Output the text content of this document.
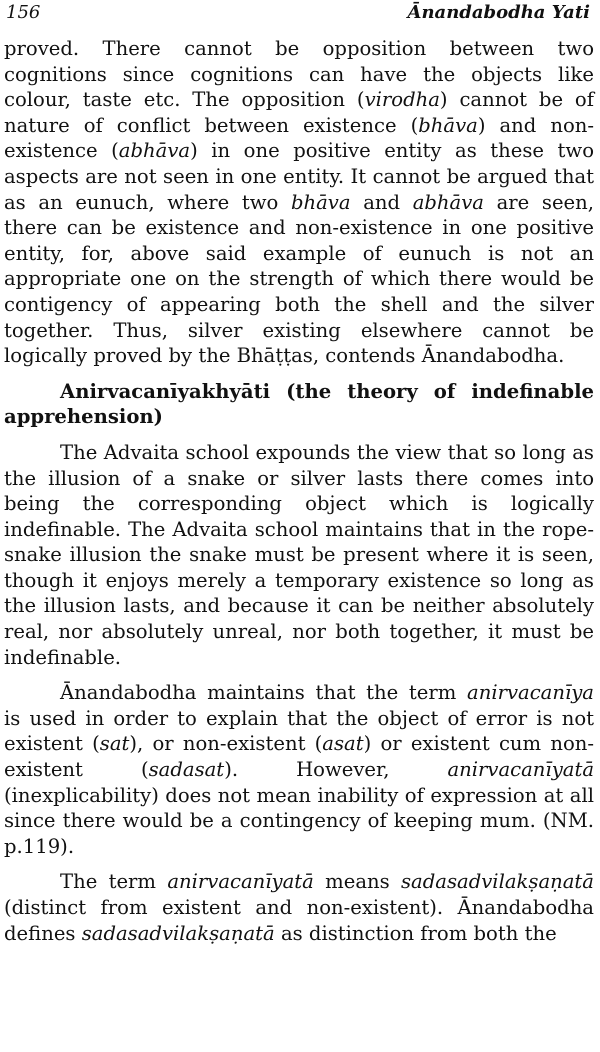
156	Ānandabodha Yati

proved. There cannot be opposition between two cognitions since cognitions can have the objects like colour, taste etc. The opposition (virodha) cannot be of nature of conflict between existence (bhāva) and non-existence (abhāva) in one positive entity as these two aspects are not seen in one entity. It cannot be argued that as an eunuch, where two bhāva and abhāva are seen, there can be existence and non-existence in one positive entity, for, above said example of eunuch is not an appropriate one on the strength of which there would be contigency of appearing both the shell and the silver together. Thus, silver existing elsewhere cannot be logically proved by the Bhāṭṭas, contends Ānandabodha.

Anirvacanīyakhyāti (the theory of indefinable apprehension)

The Advaita school expounds the view that so long as the illusion of a snake or silver lasts there comes into being the corresponding object which is logically indefinable. The Advaita school maintains that in the rope-snake illusion the snake must be present where it is seen, though it enjoys merely a temporary existence so long as the illusion lasts, and because it can be neither absolutely real, nor absolutely unreal, nor both together, it must be indefinable.

Ānandabodha maintains that the term anirvacanīya is used in order to explain that the object of error is not existent (sat), or non-existent (asat) or existent cum non-existent (sadasat). However, anirvacanīyatā (inexplicability) does not mean inability of expression at all since there would be a contingency of keeping mum. (NM. p.119).

The term anirvacanīyatā means sadasadvilakṣaṇatā (distinct from existent and non-existent). Ānandabodha defines sadasadvilakṣaṇatā as distinction from both the
